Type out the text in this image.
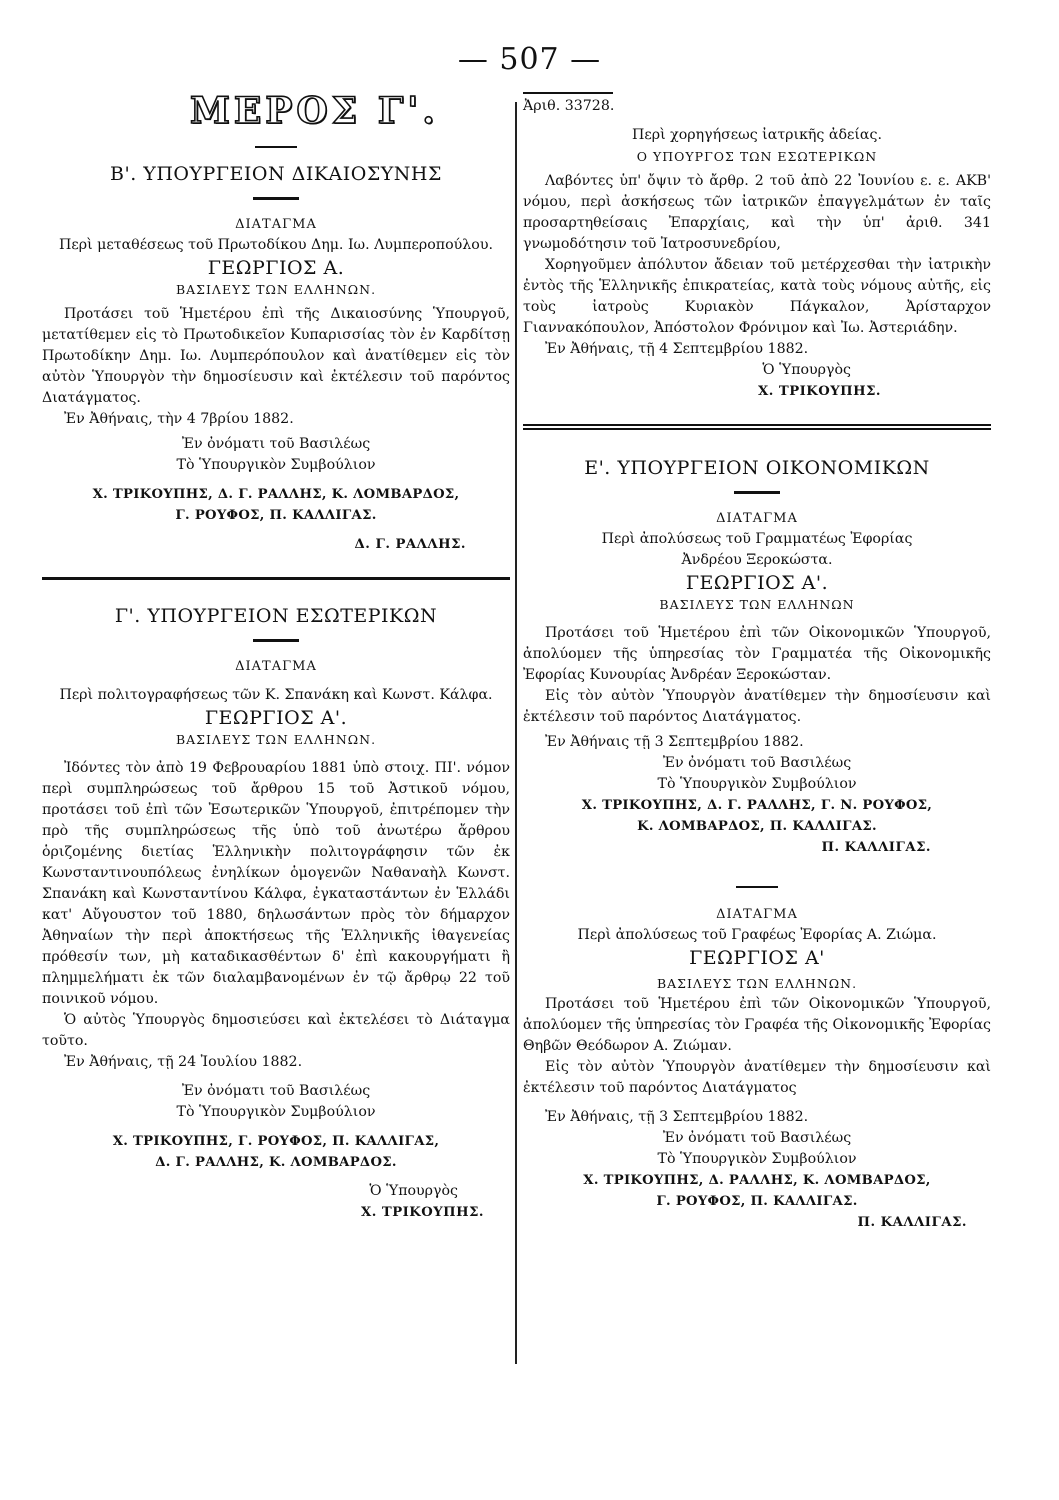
— 507 —
ΜΕΡΟΣ Γ'.
Β'. ΥΠΟΥΡΓΕΙΟΝ ΔΙΚΑΙΟΣΥΝΗΣ
ΔΙΑΤΑΓΜΑ

Περὶ μεταθέσεως τοῦ Πρωτοδίκου Δημ. Ιω. Λυμπεροπούλου.

ΓΕΩΡΓΙΟΣ Α.
ΒΑΣΙΛΕΥΣ ΤΩΝ ΕΛΛΗΝΩΝ.

Προτάσει τοῦ Ἡμετέρου ἐπὶ τῆς Δικαιοσύνης Ὑπουργοῦ, μετατίθεμεν εἰς τὸ Πρωτοδικεῖον Κυπαρισσίας τὸν ἐν Καρδίτσῃ Πρωτοδίκην Δημ. Ιω. Λυμπερόπουλον καὶ ἀνατίθεμεν εἰς τὸν αὐτὸν Ὑπουργὸν τὴν δημοσίευσιν καὶ ἐκτέλεσιν τοῦ παρόντος Διατάγματος.

Ἐν Ἀθήναις, τὴν 4 7βρίου 1882.

Ἐν ὀνόματι τοῦ Βασιλέως

Τὸ Ὑπουργικὸν Συμβούλιον

Χ. ΤΡΙΚΟΥΠΗΣ, Δ. Γ. ΡΑΛΛΗΣ, Κ. ΛΟΜΒΑΡΔΟΣ,

Γ. ΡΟΥΦΟΣ, Π. ΚΑΛΛΙΓΑΣ.

Δ. Γ. ΡΑΛΛΗΣ.

Γ'. ΥΠΟΥΡΓΕΙΟΝ ΕΣΩΤΕΡΙΚΩΝ
ΔΙΑΤΑΓΜΑ

Περὶ πολιτογραφήσεως τῶν Κ. Σπανάκη καὶ Κωνστ. Κάλφα.

ΓΕΩΡΓΙΟΣ Α'.
ΒΑΣΙΛΕΥΣ ΤΩΝ ΕΛΛΗΝΩΝ.

Ἰδόντες τὸν ἀπὸ 19 Φεβρουαρίου 1881 ὑπὸ στοιχ. ΠΙ'. νόμον περὶ συμπληρώσεως τοῦ ἄρθρου 15 τοῦ Ἀστικοῦ νόμου, προτάσει τοῦ ἐπὶ τῶν Ἐσωτερικῶν Ὑπουργοῦ, ἐπιτρέπομεν τὴν πρὸ τῆς συμπληρώσεως τῆς ὑπὸ τοῦ ἀνωτέρω ἄρθρου ὁριζομένης διετίας Ἑλληνικὴν πολιτογράφησιν τῶν ἐκ Κωνσταντινουπόλεως ἐνηλίκων ὁμογενῶν Ναθαναὴλ Κωνστ. Σπανάκη καὶ Κωνσταντίνου Κάλφα, ἐγκαταστάντων ἐν Ἑλλάδι κατ' Αὔγουστον τοῦ 1880, δηλωσάντων πρὸς τὸν δήμαρχον Ἀθηναίων τὴν περὶ ἀποκτήσεως τῆς Ἑλληνικῆς ἰθαγενείας πρόθεσίν των, μὴ καταδικασθέντων δ' ἐπὶ κακουργήματι ἢ πλημμελήματι ἐκ τῶν διαλαμβανομένων ἐν τῷ ἄρθρῳ 22 τοῦ ποινικοῦ νόμου.

Ὁ αὐτὸς Ὑπουργὸς δημοσιεύσει καὶ ἐκτελέσει τὸ Διάταγμα τοῦτο.

Ἐν Ἀθήναις, τῇ 24 Ἰουλίου 1882.

Ἐν ὀνόματι τοῦ Βασιλέως

Τὸ Ὑπουργικὸν Συμβούλιον

Χ. ΤΡΙΚΟΥΠΗΣ, Γ. ΡΟΥΦΟΣ, Π. ΚΑΛΛΙΓΑΣ,

Δ. Γ. ΡΑΛΛΗΣ, Κ. ΛΟΜΒΑΡΔΟΣ.

Ὁ Ὑπουργὸς

Χ. ΤΡΙΚΟΥΠΗΣ.

Ἀριθ. 33728.

Περὶ χορηγήσεως ἰατρικῆς ἀδείας.

Ο ΥΠΟΥΡΓΟΣ ΤΩΝ ΕΣΩΤΕΡΙΚΩΝ

Λαβόντες ὑπ' ὄψιν τὸ ἄρθρ. 2 τοῦ ἀπὸ 22 Ἰουνίου ε. ε. ΑΚΒ' νόμου, περὶ ἀσκήσεως τῶν ἰατρικῶν ἐπαγγελμάτων ἐν ταῖς προσαρτηθείσαις Ἐπαρχίαις, καὶ τὴν ὑπ' ἀριθ. 341 γνωμοδότησιν τοῦ Ἰατροσυνεδρίου,

Χορηγοῦμεν ἀπόλυτον ἄδειαν τοῦ μετέρχεσθαι τὴν ἰατρικὴν ἐντὸς τῆς Ἑλληνικῆς ἐπικρατείας, κατὰ τοὺς νόμους αὐτῆς, εἰς τοὺς ἰατροὺς Κυριακὸν Πάγκαλον, Ἀρίσταρχον Γιαννακόπουλον, Ἀπόστολον Φρόνιμον καὶ Ἰω. Ἀστεριάδην.

Ἐν Ἀθήναις, τῇ 4 Σεπτεμβρίου 1882.

Ὁ Ὑπουργὸς

Χ. ΤΡΙΚΟΥΠΗΣ.

Ε'. ΥΠΟΥΡΓΕΙΟΝ ΟΙΚΟΝΟΜΙΚΩΝ
ΔΙΑΤΑΓΜΑ

Περὶ ἀπολύσεως τοῦ Γραμματέως Ἐφορίας

Ἀνδρέου Ξεροκώστα.

ΓΕΩΡΓΙΟΣ Α'.
ΒΑΣΙΛΕΥΣ ΤΩΝ ΕΛΛΗΝΩΝ

Προτάσει τοῦ Ἡμετέρου ἐπὶ τῶν Οἰκονομικῶν Ὑπουργοῦ, ἀπολύομεν τῆς ὑπηρεσίας τὸν Γραμματέα τῆς Οἰκονομικῆς Ἐφορίας Κυνουρίας Ἀνδρέαν Ξεροκώσταν.

Εἰς τὸν αὐτὸν Ὑπουργὸν ἀνατίθεμεν τὴν δημοσίευσιν καὶ ἐκτέλεσιν τοῦ παρόντος Διατάγματος.

Ἐν Ἀθήναις τῇ 3 Σεπτεμβρίου 1882.

Ἐν ὀνόματι τοῦ Βασιλέως

Τὸ Ὑπουργικὸν Συμβούλιον

Χ. ΤΡΙΚΟΥΠΗΣ, Δ. Γ. ΡΑΛΛΗΣ, Γ. Ν. ΡΟΥΦΟΣ,

Κ. ΛΟΜΒΑΡΔΟΣ, Π. ΚΑΛΛΙΓΑΣ.

Π. ΚΑΛΛΙΓΑΣ.

ΔΙΑΤΑΓΜΑ

Περὶ ἀπολύσεως τοῦ Γραφέως Ἐφορίας Α. Ζιώμα.

ΓΕΩΡΓΙΟΣ Α'
ΒΑΣΙΛΕΥΣ ΤΩΝ ΕΛΛΗΝΩΝ.

Προτάσει τοῦ Ἡμετέρου ἐπὶ τῶν Οἰκονομικῶν Ὑπουργοῦ, ἀπολύομεν τῆς ὑπηρεσίας τὸν Γραφέα τῆς Οἰκονομικῆς Ἐφορίας Θηβῶν Θεόδωρον Α. Ζιώμαν.

Εἰς τὸν αὐτὸν Ὑπουργὸν ἀνατίθεμεν τὴν δημοσίευσιν καὶ ἐκτέλεσιν τοῦ παρόντος Διατάγματος

Ἐν Ἀθήναις, τῇ 3 Σεπτεμβρίου 1882.

Ἐν ὀνόματι τοῦ Βασιλέως

Τὸ Ὑπουργικὸν Συμβούλιον

Χ. ΤΡΙΚΟΥΠΗΣ, Δ. ΡΑΛΛΗΣ, Κ. ΛΟΜΒΑΡΔΟΣ,

Γ. ΡΟΥΦΟΣ, Π. ΚΑΛΛΙΓΑΣ.

Π. ΚΑΛΛΙΓΑΣ.
